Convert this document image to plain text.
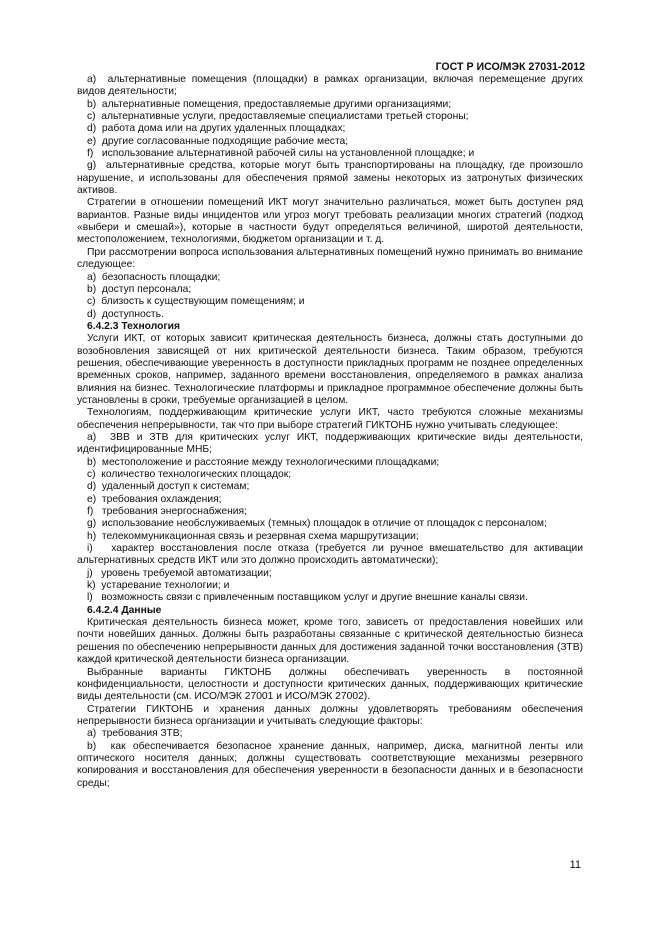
ГОСТ Р ИСО/МЭК 27031-2012

a)  альтернативные помещения (площадки) в рамках организации, включая перемещение других видов деятельности;

b)  альтернативные помещения, предоставляемые другими организациями;

c)  альтернативные услуги, предоставляемые специалистами третьей стороны;

d)  работа дома или на других удаленных площадках;

e)  другие согласованные подходящие рабочие места;

f)   использование альтернативной рабочей силы на установленной площадке; и

g)  альтернативные средства, которые могут быть транспортированы на площадку, где произошло нарушение, и использованы для обеспечения прямой замены некоторых из затронутых физических активов.

Стратегии в отношении помещений ИКТ могут значительно различаться, может быть доступен ряд вариантов. Разные виды инцидентов или угроз могут требовать реализации многих стратегий (подход «выбери и смешай»), которые в частности будут определяться величиной, широтой деятельности, местоположением, технологиями, бюджетом организации и т. д.

При рассмотрении вопроса использования альтернативных помещений нужно принимать во внимание следующее:

a)  безопасность площадки;

b)  доступ персонала;

c)  близость к существующим помещениям; и

d)  доступность.

6.4.2.3 Технология

Услуги ИКТ, от которых зависит критическая деятельность бизнеса, должны стать доступными до возобновления зависящей от них критической деятельности бизнеса. Таким образом, требуются решения, обеспечивающие уверенность в доступности прикладных программ не позднее определенных временных сроков, например, заданного времени восстановления, определяемого в рамках анализа влияния на бизнес. Технологические платформы и прикладное программное обеспечение должны быть установлены в сроки, требуемые организацией в целом.

Технологиям, поддерживающим критические услуги ИКТ, часто требуются сложные механизмы обеспечения непрерывности, так что при выборе стратегий ГИКТОНБ нужно учитывать следующее:

a)  ЗВВ и ЗТВ для критических услуг ИКТ, поддерживающих критические виды деятельности, идентифицированные МНБ;

b)  местоположение и расстояние между технологическими площадками;

c)  количество технологических площадок;

d)  удаленный доступ к системам;

e)  требования охлаждения;

f)   требования энергоснабжения;

g)  использование необслуживаемых (темных) площадок в отличие от площадок с персоналом;

h)  телекоммуникационная связь и резервная схема маршрутизации;

i)   характер восстановления после отказа (требуется ли ручное вмешательство для активации альтернативных средств ИКТ или это должно происходить автоматически);

j)   уровень требуемой автоматизации;

k)  устаревание технологии; и

l)   возможность связи с привлеченным поставщиком услуг и другие внешние каналы связи.

6.4.2.4 Данные

Критическая деятельность бизнеса может, кроме того, зависеть от предоставления новейших или почти новейших данных. Должны быть разработаны связанные с критической деятельностью бизнеса решения по обеспечению непрерывности данных для достижения заданной точки восстановления (ЗТВ) каждой критической деятельности бизнеса организации.

Выбранные варианты ГИКТОНБ должны обеспечивать уверенность в постоянной конфиденциальности, целостности и доступности критических данных, поддерживающих критические виды деятельности (см. ИСО/МЭК 27001 и ИСО/МЭК 27002).

Стратегии ГИКТОНБ и хранения данных должны удовлетворять требованиям обеспечения непрерывности бизнеса организации и учитывать следующие факторы:

a)  требования ЗТВ;

b)  как обеспечивается безопасное хранение данных, например, диска, магнитной ленты или оптического носителя данных; должны существовать соответствующие механизмы резервного копирования и восстановления для обеспечения уверенности в безопасности данных и в безопасности среды;

11
